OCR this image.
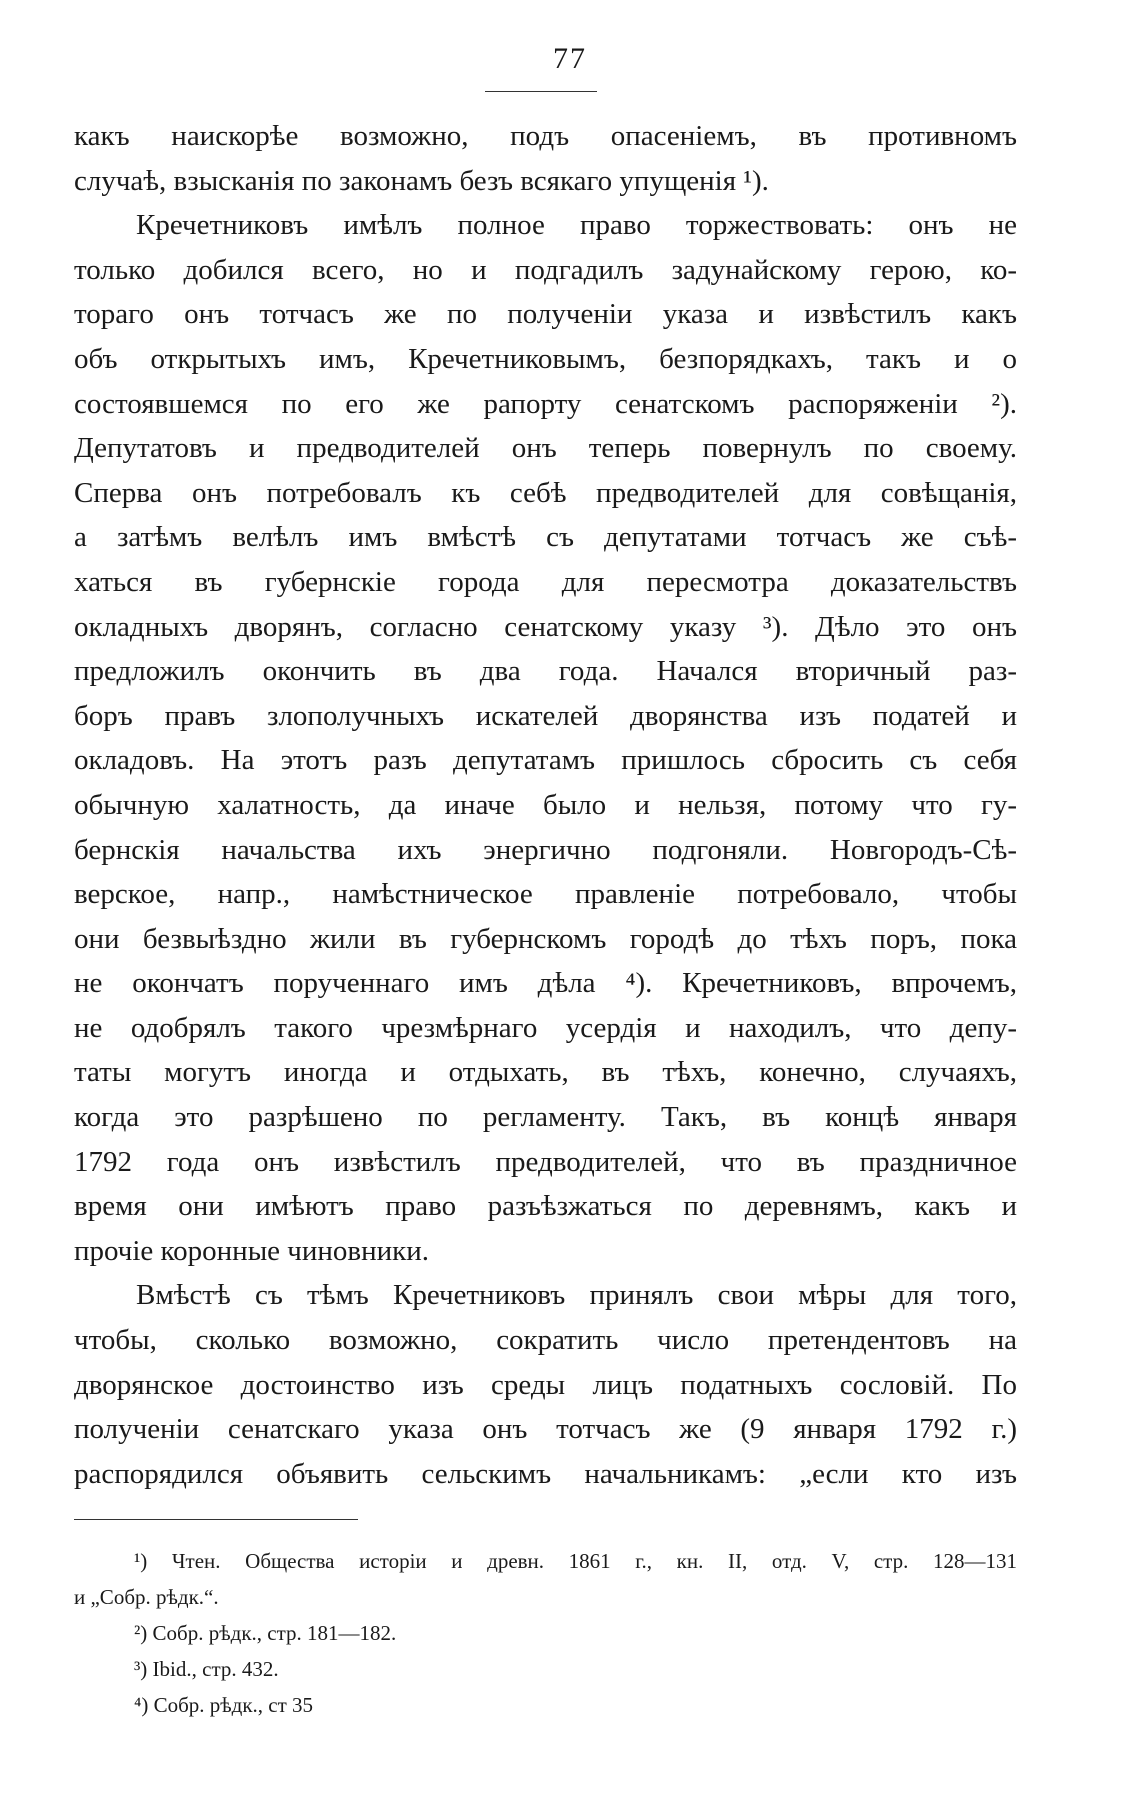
77
какъ наискорѣе возможно, подъ опасеніемъ, въ противномъ
случаѣ, взысканія по законамъ безъ всякаго упущенія ¹).
Кречетниковъ имѣлъ полное право торжествовать: онъ не
только добился всего, но и подгадилъ задунайскому герою, ко-
тораго онъ тотчасъ же по полученіи указа и извѣстилъ какъ
объ открытыхъ имъ, Кречетниковымъ, безпорядкахъ, такъ и о
состоявшемся по его же рапорту сенатскомъ распоряженіи ²).
Депутатовъ и предводителей онъ теперь повернулъ по своему.
Сперва онъ потребовалъ къ себѣ предводителей для совѣщанія,
а затѣмъ велѣлъ имъ вмѣстѣ съ депутатами тотчасъ же съѣ-
хаться въ губернскіе города для пересмотра доказательствъ
окладныхъ дворянъ, согласно сенатскому указу ³). Дѣло это онъ
предложилъ окончить въ два года. Начался вторичный раз-
боръ правъ злополучныхъ искателей дворянства изъ податей и
окладовъ. На этотъ разъ депутатамъ пришлось сбросить съ себя
обычную халатность, да иначе было и нельзя, потому что гу-
бернскія начальства ихъ энергично подгоняли. Новгородъ-Сѣ-
верское, напр., намѣстническое правленіе потребовало, чтобы
они безвыѣздно жили въ губернскомъ городѣ до тѣхъ поръ, пока
не окончатъ порученнаго имъ дѣла ⁴). Кречетниковъ, впрочемъ,
не одобрялъ такого чрезмѣрнаго усердія и находилъ, что депу-
таты могутъ иногда и отдыхать, въ тѣхъ, конечно, случаяхъ,
когда это разрѣшено по регламенту. Такъ, въ концѣ января
1792 года онъ извѣстилъ предводителей, что въ праздничное
время они имѣютъ право разъѣзжаться по деревнямъ, какъ и
прочіе коронные чиновники.
Вмѣстѣ съ тѣмъ Кречетниковъ принялъ свои мѣры для того,
чтобы, сколько возможно, сократить число претендентовъ на
дворянское достоинство изъ среды лицъ податныхъ сословій. По
полученіи сенатскаго указа онъ тотчасъ же (9 января 1792 г.)
распорядился объявить сельскимъ начальникамъ: „если кто изъ
¹) Чтен. Общества исторіи и древн. 1861 г., кн. II, отд. V, стр. 128—131
и „Собр. рѣдк.“.
²) Собр. рѣдк., стр. 181—182.
³) Ibid., стр. 432.
⁴) Собр. рѣдк., ст 35
